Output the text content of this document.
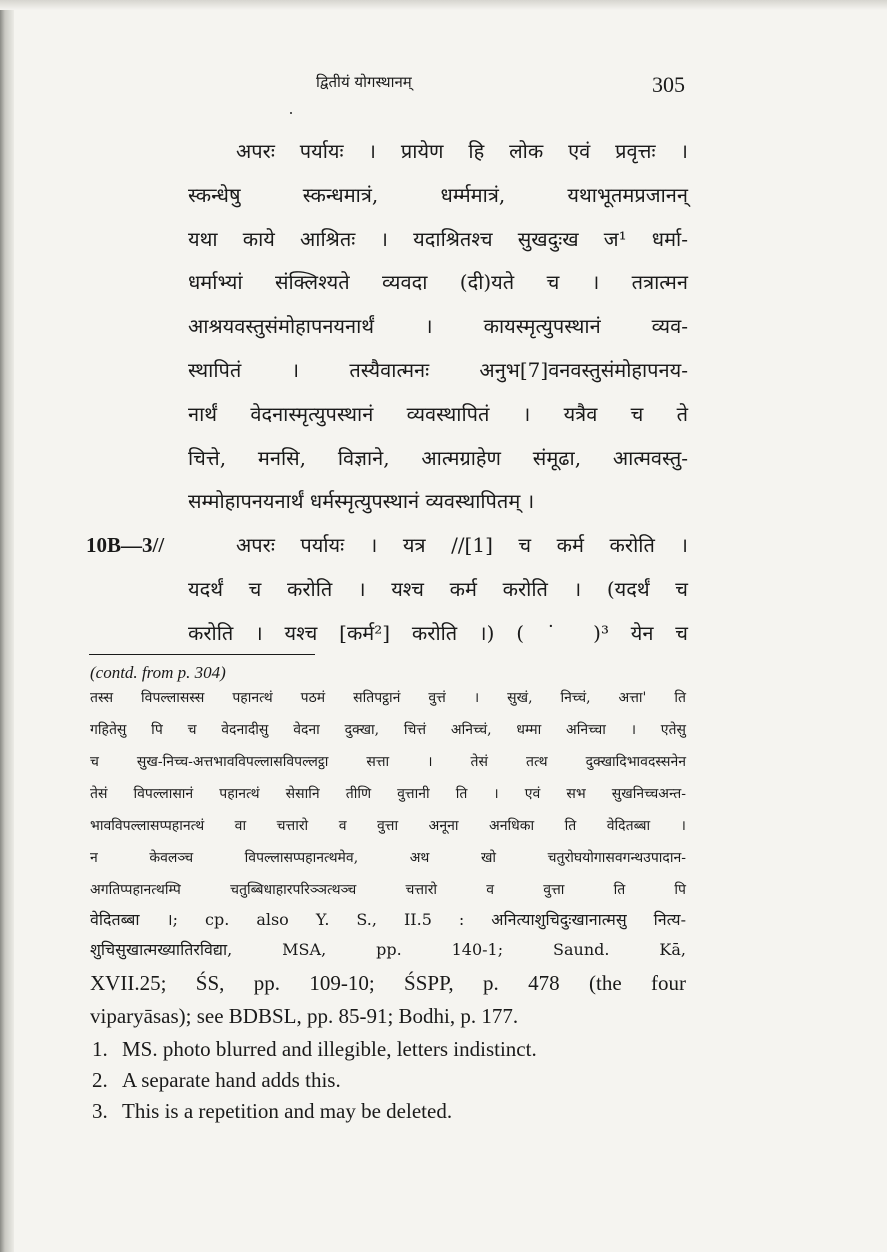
द्वितीयं योगस्थानम्	305
अपरः पर्यायः । प्रायेण हि लोक एवं प्रवृत्तः ।
स्कन्धेषु स्कन्धमात्रं, धर्म्ममात्रं, यथाभूतमप्रजानन्
यथा काये आश्रितः । यदाश्रितश्च सुखदुःख ज¹ धर्मा-
धर्माभ्यां संक्लिश्यते व्यवदा (दी)यते च । तत्रात्मन
आश्रयवस्तुसंमोहापनयनार्थं । कायस्मृत्युपस्थानं व्यव-
स्थापितं । तस्यैवात्मनः अनुभ[7]वनवस्तुसंमोहापनय-
नार्थं वेदनास्मृत्युपस्थानं व्यवस्थापितं । यत्रैव च ते
चित्ते, मनसि, विज्ञाने, आत्मग्राहेण संमूढा, आत्मवस्तु-
सम्मोहापनयनार्थं धर्मस्मृत्युपस्थानं व्यवस्थापितम् ।
अपरः पर्यायः । यत्र //[1] च कर्म करोति ।
यदर्थं च करोति । यश्च कर्म करोति । (यदर्थं च
करोति । यश्च [कर्म²] करोति ।) ( ˙ )³ येन च
10B—3//
(contd. from p. 304)
तस्स विपल्लासस्स पहानत्थं पठमं सतिपट्ठानं वुत्तं । सुखं, निच्चं, अत्ता' ति
गहितेसु पि च वेदनादीसु वेदना दुक्खा, चित्तं अनिच्चं, धम्मा अनिच्चा । एतेसु
च सुख-निच्च-अत्तभावविपल्लासविपल्लट्ठा सत्ता । तेसं तत्थ दुक्खादिभावदस्सनेन
तेसं विपल्लासानं पहानत्थं सेसानि तीणि वुत्तानी ति । एवं सभ सुखनिच्चअन्त-
भावविपल्लासप्पहानत्थं वा चत्तारो व वुत्ता अनूना अनधिका ति वेदितब्बा ।
न केवलञ्च विपल्लासप्पहानत्थमेव, अथ खो चतुरोघयोगासवगन्थउपादान-
अगतिप्पहानत्थम्पि चतुब्बिधाहारपरिञ्ञत्थञ्च चत्तारो व वुत्ता ति पि
वेदितब्बा ।; cp. also Y. S., II.5 : अनित्याशुचिदुःखानात्मसु नित्य-
शुचिसुखात्मख्यातिरविद्या, MSA, pp. 140-1; Saund. Kā,
XVII.25; ŚS, pp. 109-10; ŚSPP, p. 478 (the four
viparyāsas); see BDBSL, pp. 85-91; Bodhi, p. 177.
1. MS. photo blurred and illegible, letters indistinct.
2. A separate hand adds this.
3. This is a repetition and may be deleted.
